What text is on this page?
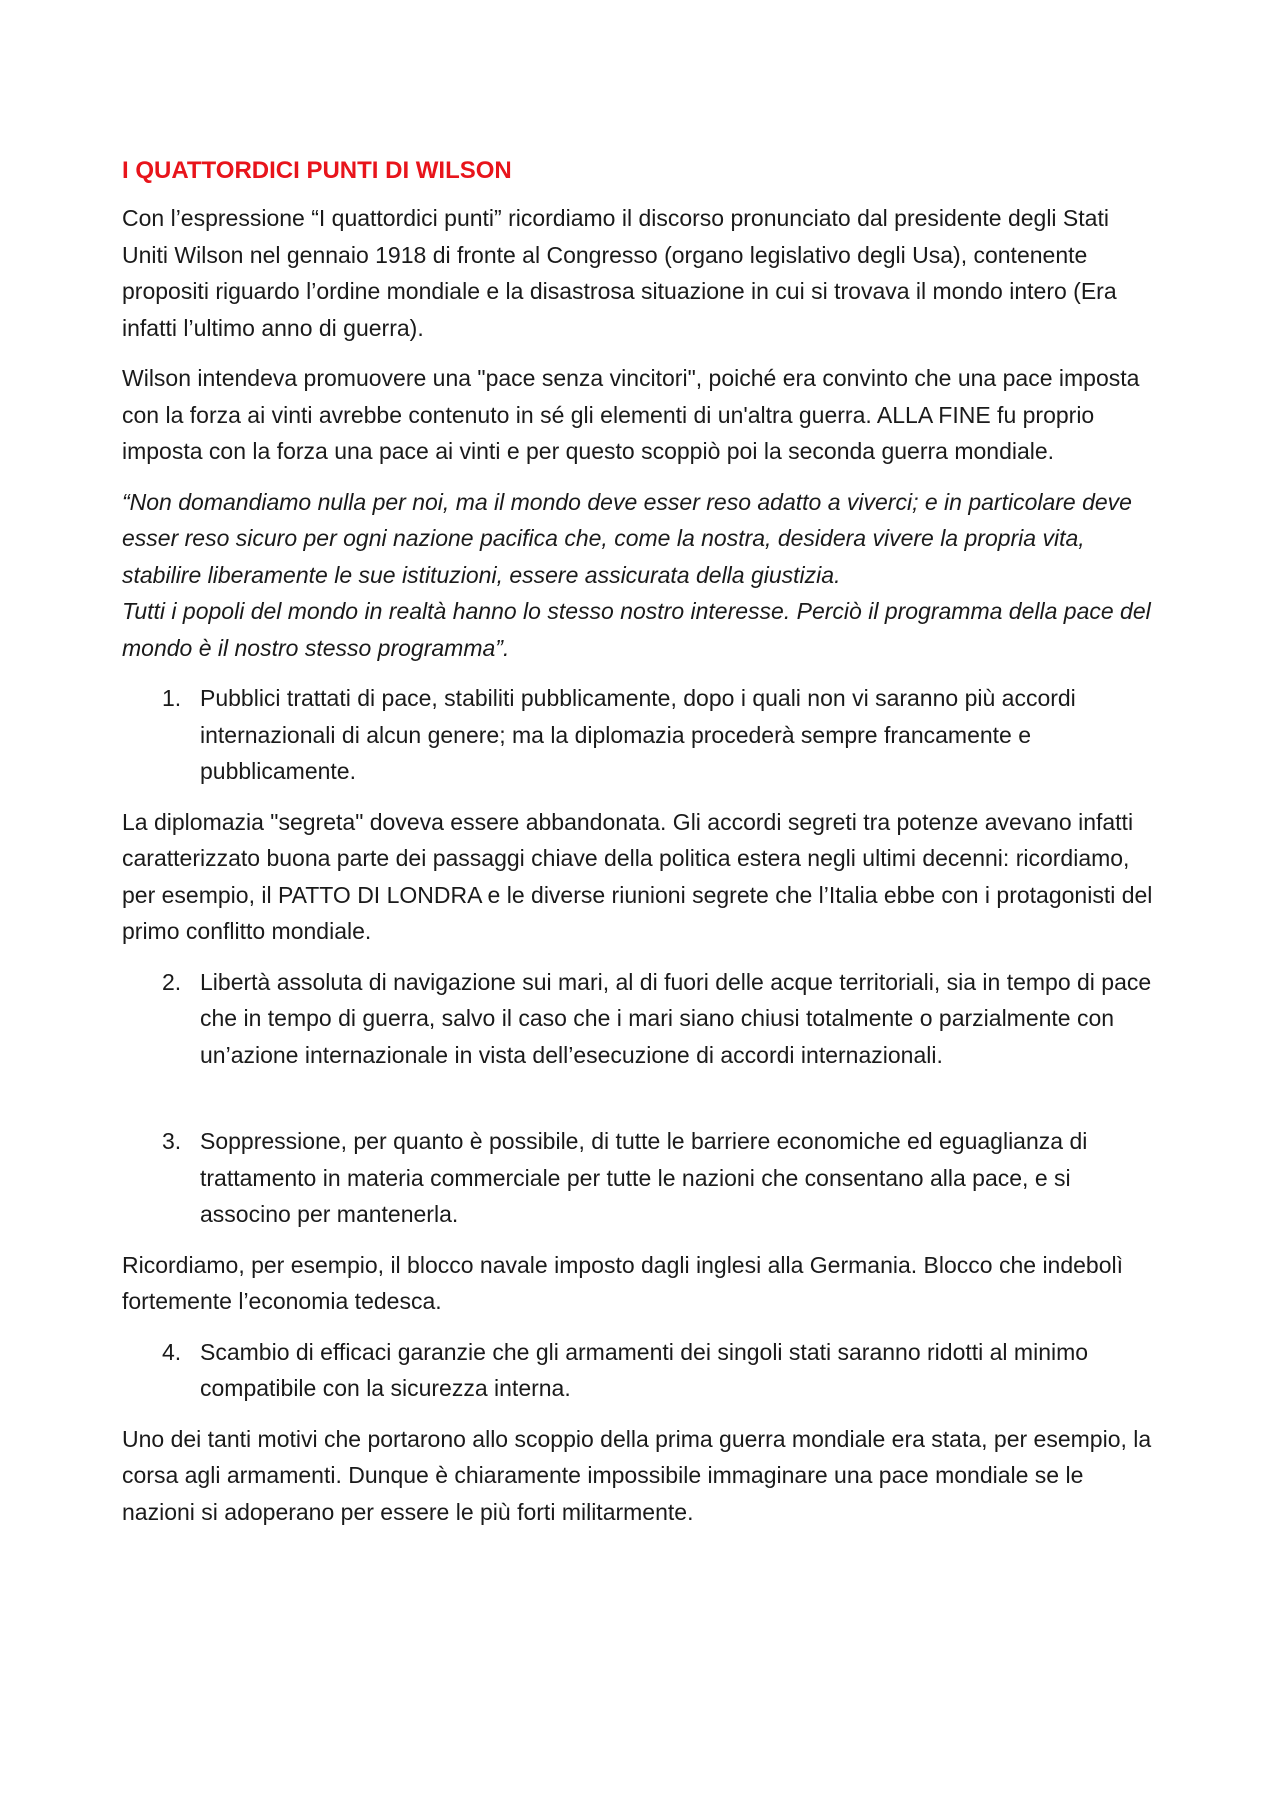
I QUATTORDICI PUNTI DI WILSON

Con l’espressione “I quattordici punti” ricordiamo il discorso pronunciato dal presidente degli Stati Uniti Wilson nel gennaio 1918 di fronte al Congresso (organo legislativo degli Usa), contenente propositi riguardo l’ordine mondiale e la disastrosa situazione in cui si trovava il mondo intero (Era infatti l’ultimo anno di guerra).

Wilson intendeva promuovere una "pace senza vincitori", poiché era convinto che una pace imposta con la forza ai vinti avrebbe contenuto in sé gli elementi di un'altra guerra. ALLA FINE fu proprio imposta con la forza una pace ai vinti e per questo scoppiò poi la seconda guerra mondiale.

“Non domandiamo nulla per noi, ma il mondo deve esser reso adatto a viverci; e in particolare deve esser reso sicuro per ogni nazione pacifica che, come la nostra, desidera vivere la propria vita, stabilire liberamente le sue istituzioni, essere assicurata della giustizia.
Tutti i popoli del mondo in realtà hanno lo stesso nostro interesse. Perciò il programma della pace del mondo è il nostro stesso programma”.

1. Pubblici trattati di pace, stabiliti pubblicamente, dopo i quali non vi saranno più accordi internazionali di alcun genere; ma la diplomazia procederà sempre francamente e pubblicamente.

La diplomazia "segreta" doveva essere abbandonata. Gli accordi segreti tra potenze avevano infatti caratterizzato buona parte dei passaggi chiave della politica estera negli ultimi decenni: ricordiamo, per esempio, il PATTO DI LONDRA e le diverse riunioni segrete che l’Italia ebbe con i protagonisti del primo conflitto mondiale.

2. Libertà assoluta di navigazione sui mari, al di fuori delle acque territoriali, sia in tempo di pace che in tempo di guerra, salvo il caso che i mari siano chiusi totalmente o parzialmente con un’azione internazionale in vista dell’esecuzione di accordi internazionali.
3. Soppressione, per quanto è possibile, di tutte le barriere economiche ed eguaglianza di trattamento in materia commerciale per tutte le nazioni che consentano alla pace, e si associno per mantenerla.

Ricordiamo, per esempio, il blocco navale imposto dagli inglesi alla Germania. Blocco che indebolì fortemente l’economia tedesca.

4. Scambio di efficaci garanzie che gli armamenti dei singoli stati saranno ridotti al minimo compatibile con la sicurezza interna.

Uno dei tanti motivi che portarono allo scoppio della prima guerra mondiale era stata, per esempio, la corsa agli armamenti. Dunque è chiaramente impossibile immaginare una pace mondiale se le nazioni si adoperano per essere le più forti militarmente.
